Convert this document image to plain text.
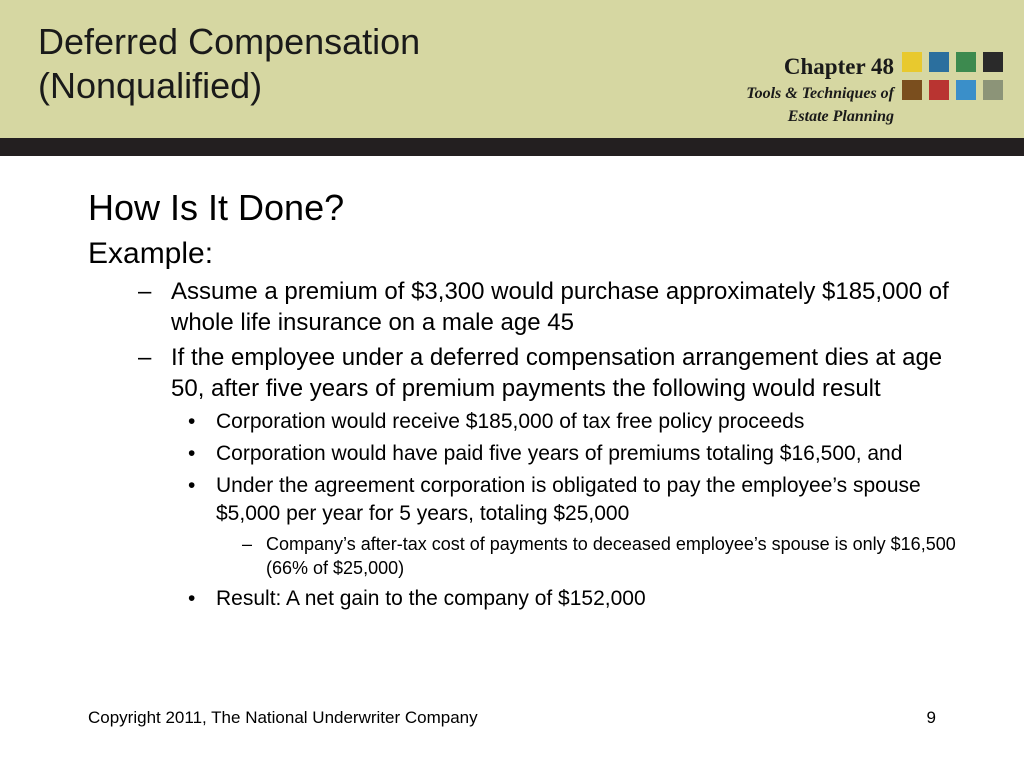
Deferred Compensation
(Nonqualified)	Chapter 48
Tools & Techniques of
Estate Planning
How Is It Done?
Example:
– Assume a premium of $3,300 would purchase approximately $185,000 of whole life insurance on a male age 45
– If the employee under a deferred compensation arrangement dies at age 50, after five years of premium payments the following would result
• Corporation would receive $185,000 of tax free policy proceeds
• Corporation would have paid five years of premiums totaling $16,500, and
• Under the agreement corporation is obligated to pay the employee’s spouse $5,000 per year for 5 years, totaling $25,000
– Company’s after-tax cost of payments to deceased employee’s spouse is only $16,500 (66% of $25,000)
• Result: A net gain to the company of $152,000
Copyright 2011, The National Underwriter Company	9
